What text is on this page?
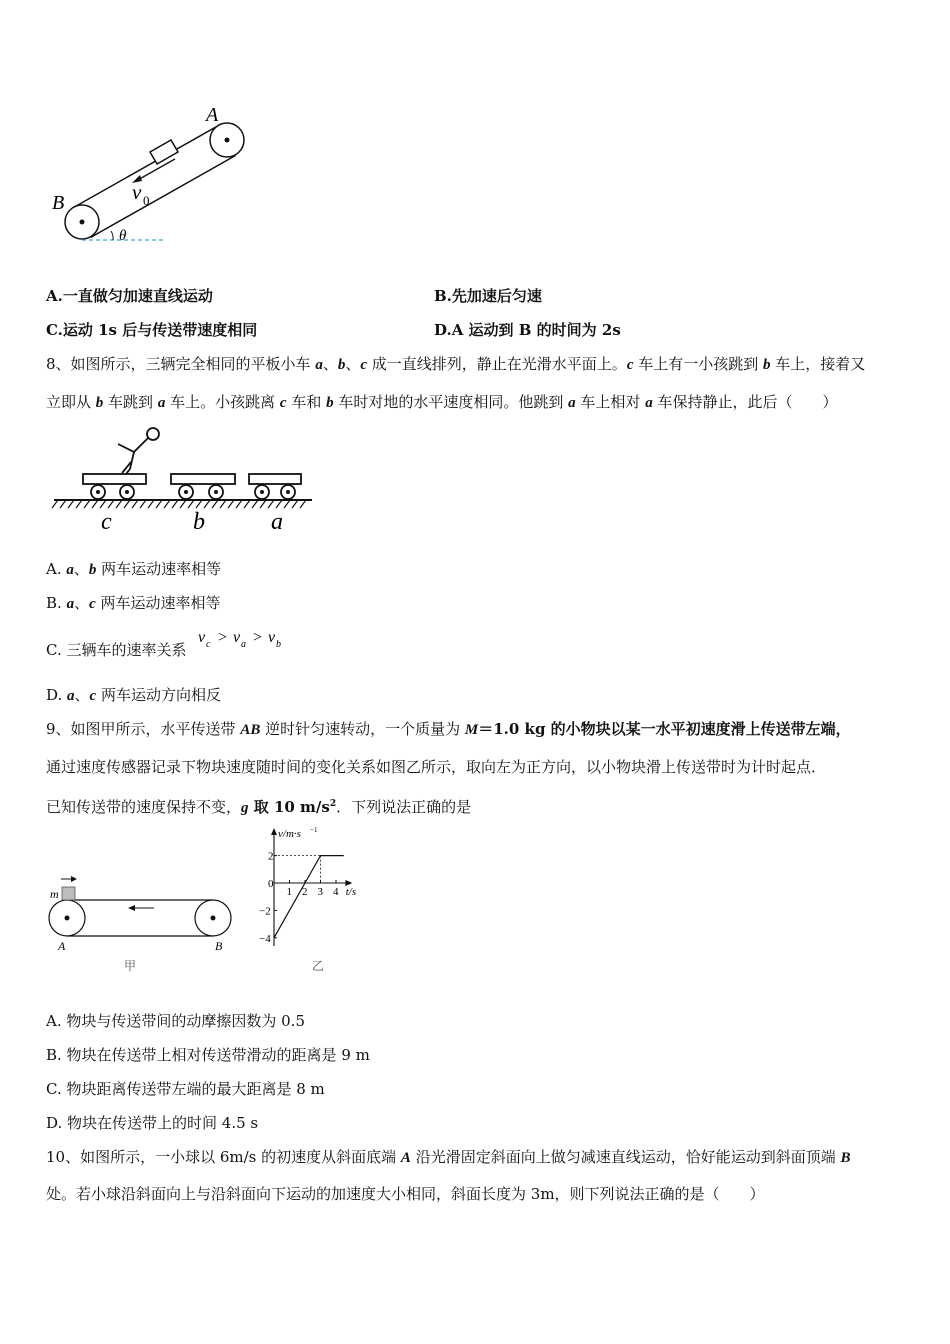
A
B	v 0
θ
A.一直做匀加速直线运动	B.先加速后匀速
C.运动 1s 后与传送带速度相同	D.A 运动到 B 的时间为 2s
8、如图所示，三辆完全相同的平板小车 a、b、c 成一直线排列，静止在光滑水平面上。c 车上有一小孩跳到 b 车上，接着又
立即从 b 车跳到 a 车上。小孩跳离 c 车和 b 车时对地的水平速度相同。他跳到 a 车上相对 a 车保持静止，此后（　　）
c	b	a
A. a、b 两车运动速率相等
B. a、c 两车运动速率相等
C. 三辆车的速率关系
v c > v a > v b
D. a、c 两车运动方向相反
9、如图甲所示，水平传送带 AB 逆时针匀速转动，一个质量为 M＝1.0 kg 的小物块以某一水平初速度滑上传送带左端，
通过速度传感器记录下物块速度随时间的变化关系如图乙所示，取向左为正方向，以小物块滑上传送带时为计时起点．
已知传送带的速度保持不变，g 取 10 $m/s^2$．下列说法正确的是
m
A	B
甲
1 2 3 4 t/s
2
0
−2
−4
v/m·s −1
乙
A. 物块与传送带间的动摩擦因数为 0.5
B. 物块在传送带上相对传送带滑动的距离是 9 m
C. 物块距离传送带左端的最大距离是 8 m
D. 物块在传送带上的时间 4.5 s
10、如图所示，一小球以 6m/s 的初速度从斜面底端 A 沿光滑固定斜面向上做匀减速直线运动，恰好能运动到斜面顶端 B
处。若小球沿斜面向上与沿斜面向下运动的加速度大小相同，斜面长度为 3m，则下列说法正确的是（　　）
